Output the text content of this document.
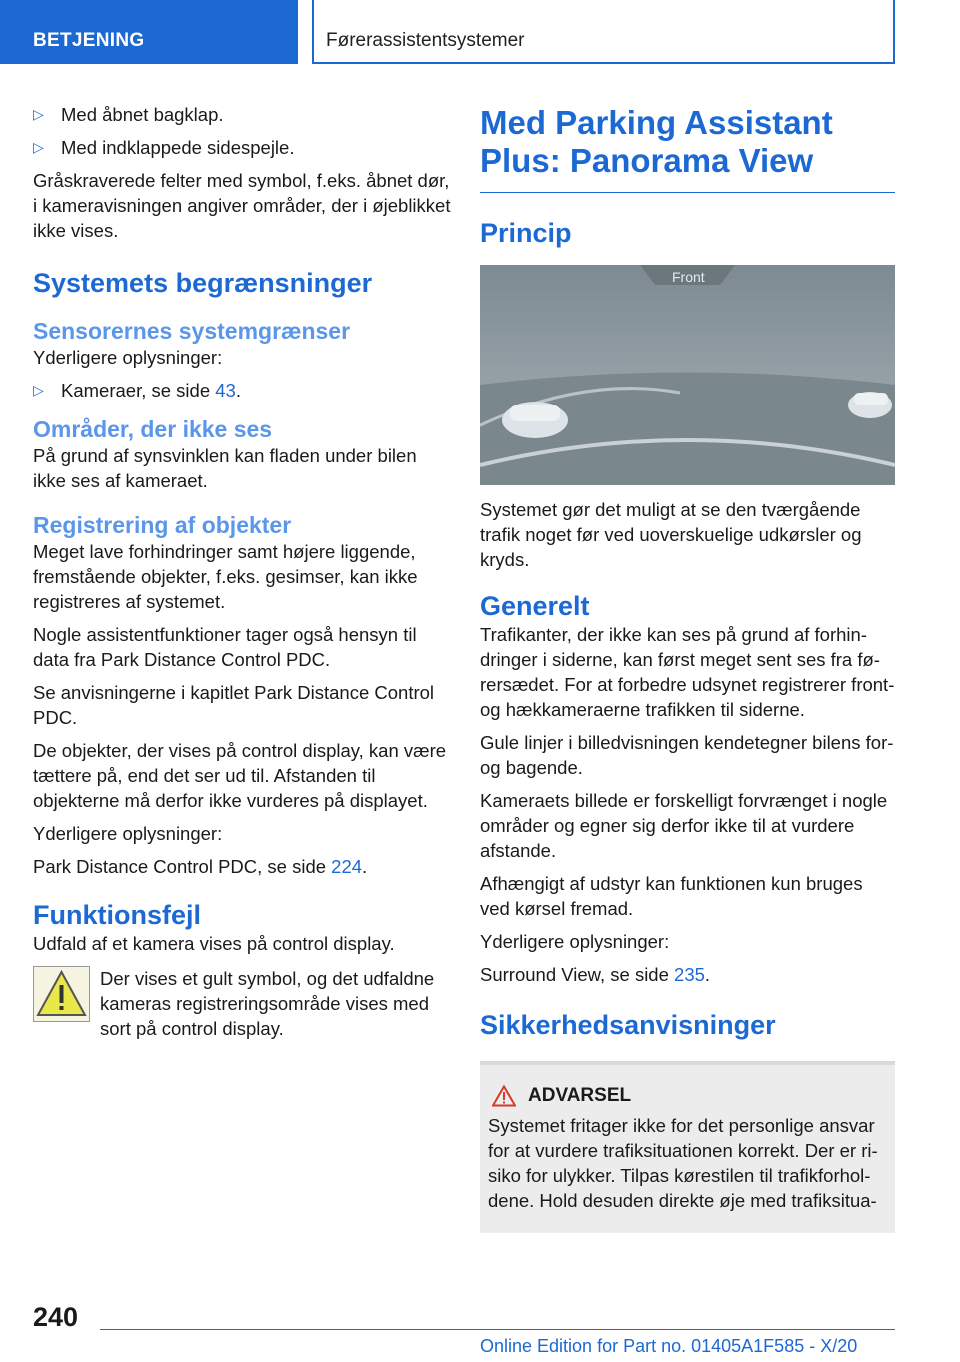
BETJENING	Førerassistentsystemer
▷ Med åbnet bagklap.
▷ Med indklappede sidespejle.

Gråskraverede felter med symbol, f.eks. åbnet dør, i kameravisningen angiver områder, der i øjeblikket ikke vises.

Systemets begrænsninger
Sensorernes systemgrænser

Yderligere oplysninger:

▷ Kameraer, se side 43.
Områder, der ikke ses

På grund af synsvinklen kan fladen under bilen ikke ses af kameraet.

Registrering af objekter

Meget lave forhindringer samt højere liggende, fremstående objekter, f.eks. gesimser, kan ikke registreres af systemet.

Nogle assistentfunktioner tager også hensyn til data fra Park Distance Control PDC.

Se anvisningerne i kapitlet Park Distance Control PDC.

De objekter, der vises på control display, kan være tættere på, end det ser ud til. Afstanden til objekterne må derfor ikke vurderes på displayet.

Yderligere oplysninger:

Park Distance Control PDC, se side 224.

Funktionsfejl

Udfald af et kamera vises på control display.

Der vises et gult symbol, og det udfaldne kameras registreringsområde vises med sort på control display.

Med Parking Assistant Plus: Panorama View
Princip
Front

Systemet gør det muligt at se den tværgående trafik noget før ved uoverskuelige udkørsler og kryds.

Generelt

Trafikanter, der ikke kan ses på grund af forhindringer i siderne, kan først meget sent ses fra førersædet. For at forbedre udsynet registrerer front- og hækkameraerne trafikken til siderne.

Gule linjer i billedvisningen kendetegner bilens for- og bagende.

Kameraets billede er forskelligt forvrænget i nogle områder og egner sig derfor ikke til at vurdere afstande.

Afhængigt af udstyr kan funktionen kun bruges ved kørsel fremad.

Yderligere oplysninger:

Surround View, se side 235.

Sikkerhedsanvisninger
ADVARSEL

Systemet fritager ikke for det personlige ansvar for at vurdere trafiksituationen korrekt. Der er risiko for ulykker. Tilpas kørestilen til trafikforholdene. Hold desuden direkte øje med trafiksitua-

240
Online Edition for Part no. 01405A1F585 - X/20
